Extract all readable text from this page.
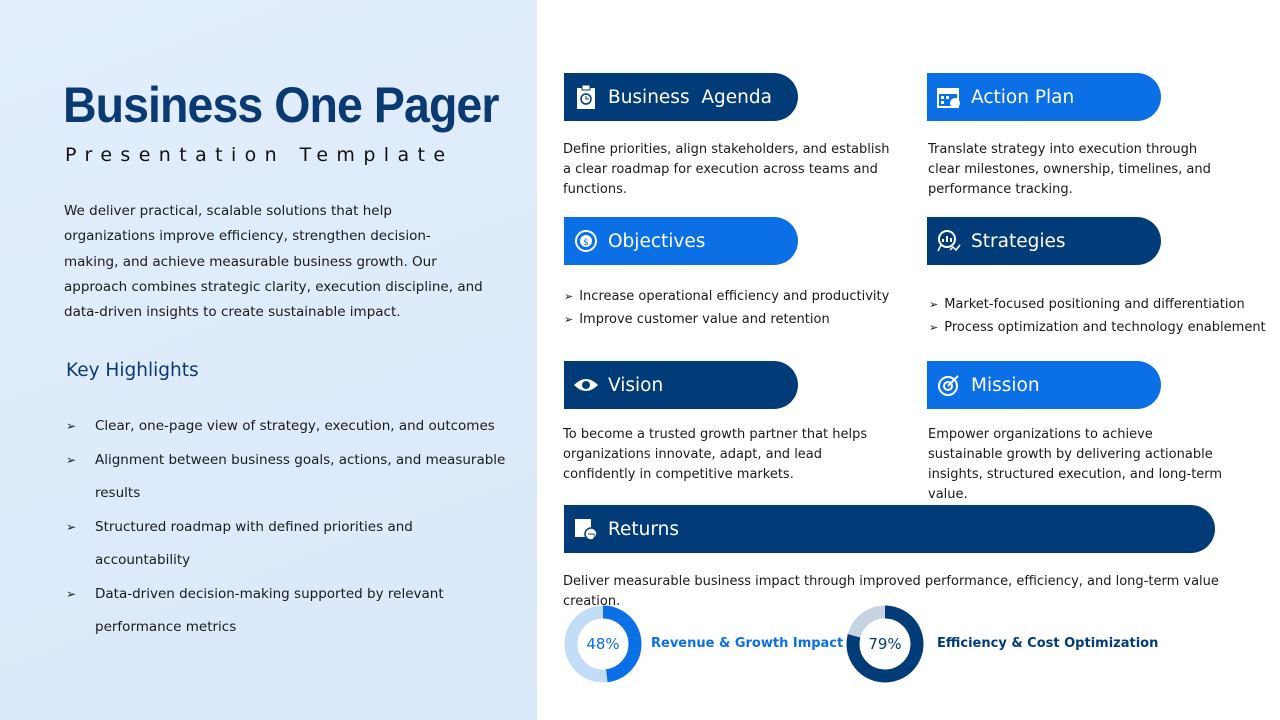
Business One Pager
Presentation Template

We deliver practical, scalable solutions that help organizations improve efficiency, strengthen decision-making, and achieve measurable business growth. Our approach combines strategic clarity, execution discipline, and data-driven insights to create sustainable impact.

Key Highlights
➢	Clear, one-page view of strategy, execution, and outcomes
➢	Alignment between business goals, actions, and measurable results
➢	Structured roadmap with defined priorities and accountability
➢	Data-driven decision-making supported by relevant performance metrics
Business  Agenda

Define priorities, align stakeholders, and establish a clear roadmap for execution across teams and functions.

Action Plan

Translate strategy into execution through clear milestones, ownership, timelines, and performance tracking.

$ Objectives
➢ Increase operational efficiency and productivity
➢ Improve customer value and retention
Strategies
➢ Market-focused positioning and differentiation
➢ Process optimization and technology enablement
Vision

To become a trusted growth partner that helps organizations innovate, adapt, and lead confidently in competitive markets.

Mission

Empower organizations to achieve sustainable growth by delivering actionable insights, structured execution, and long-term value.

Returns

Deliver measurable business impact through improved performance, efficiency, and long-term value creation.

48%	Revenue & Growth Impact	79%	Efficiency & Cost Optimization
